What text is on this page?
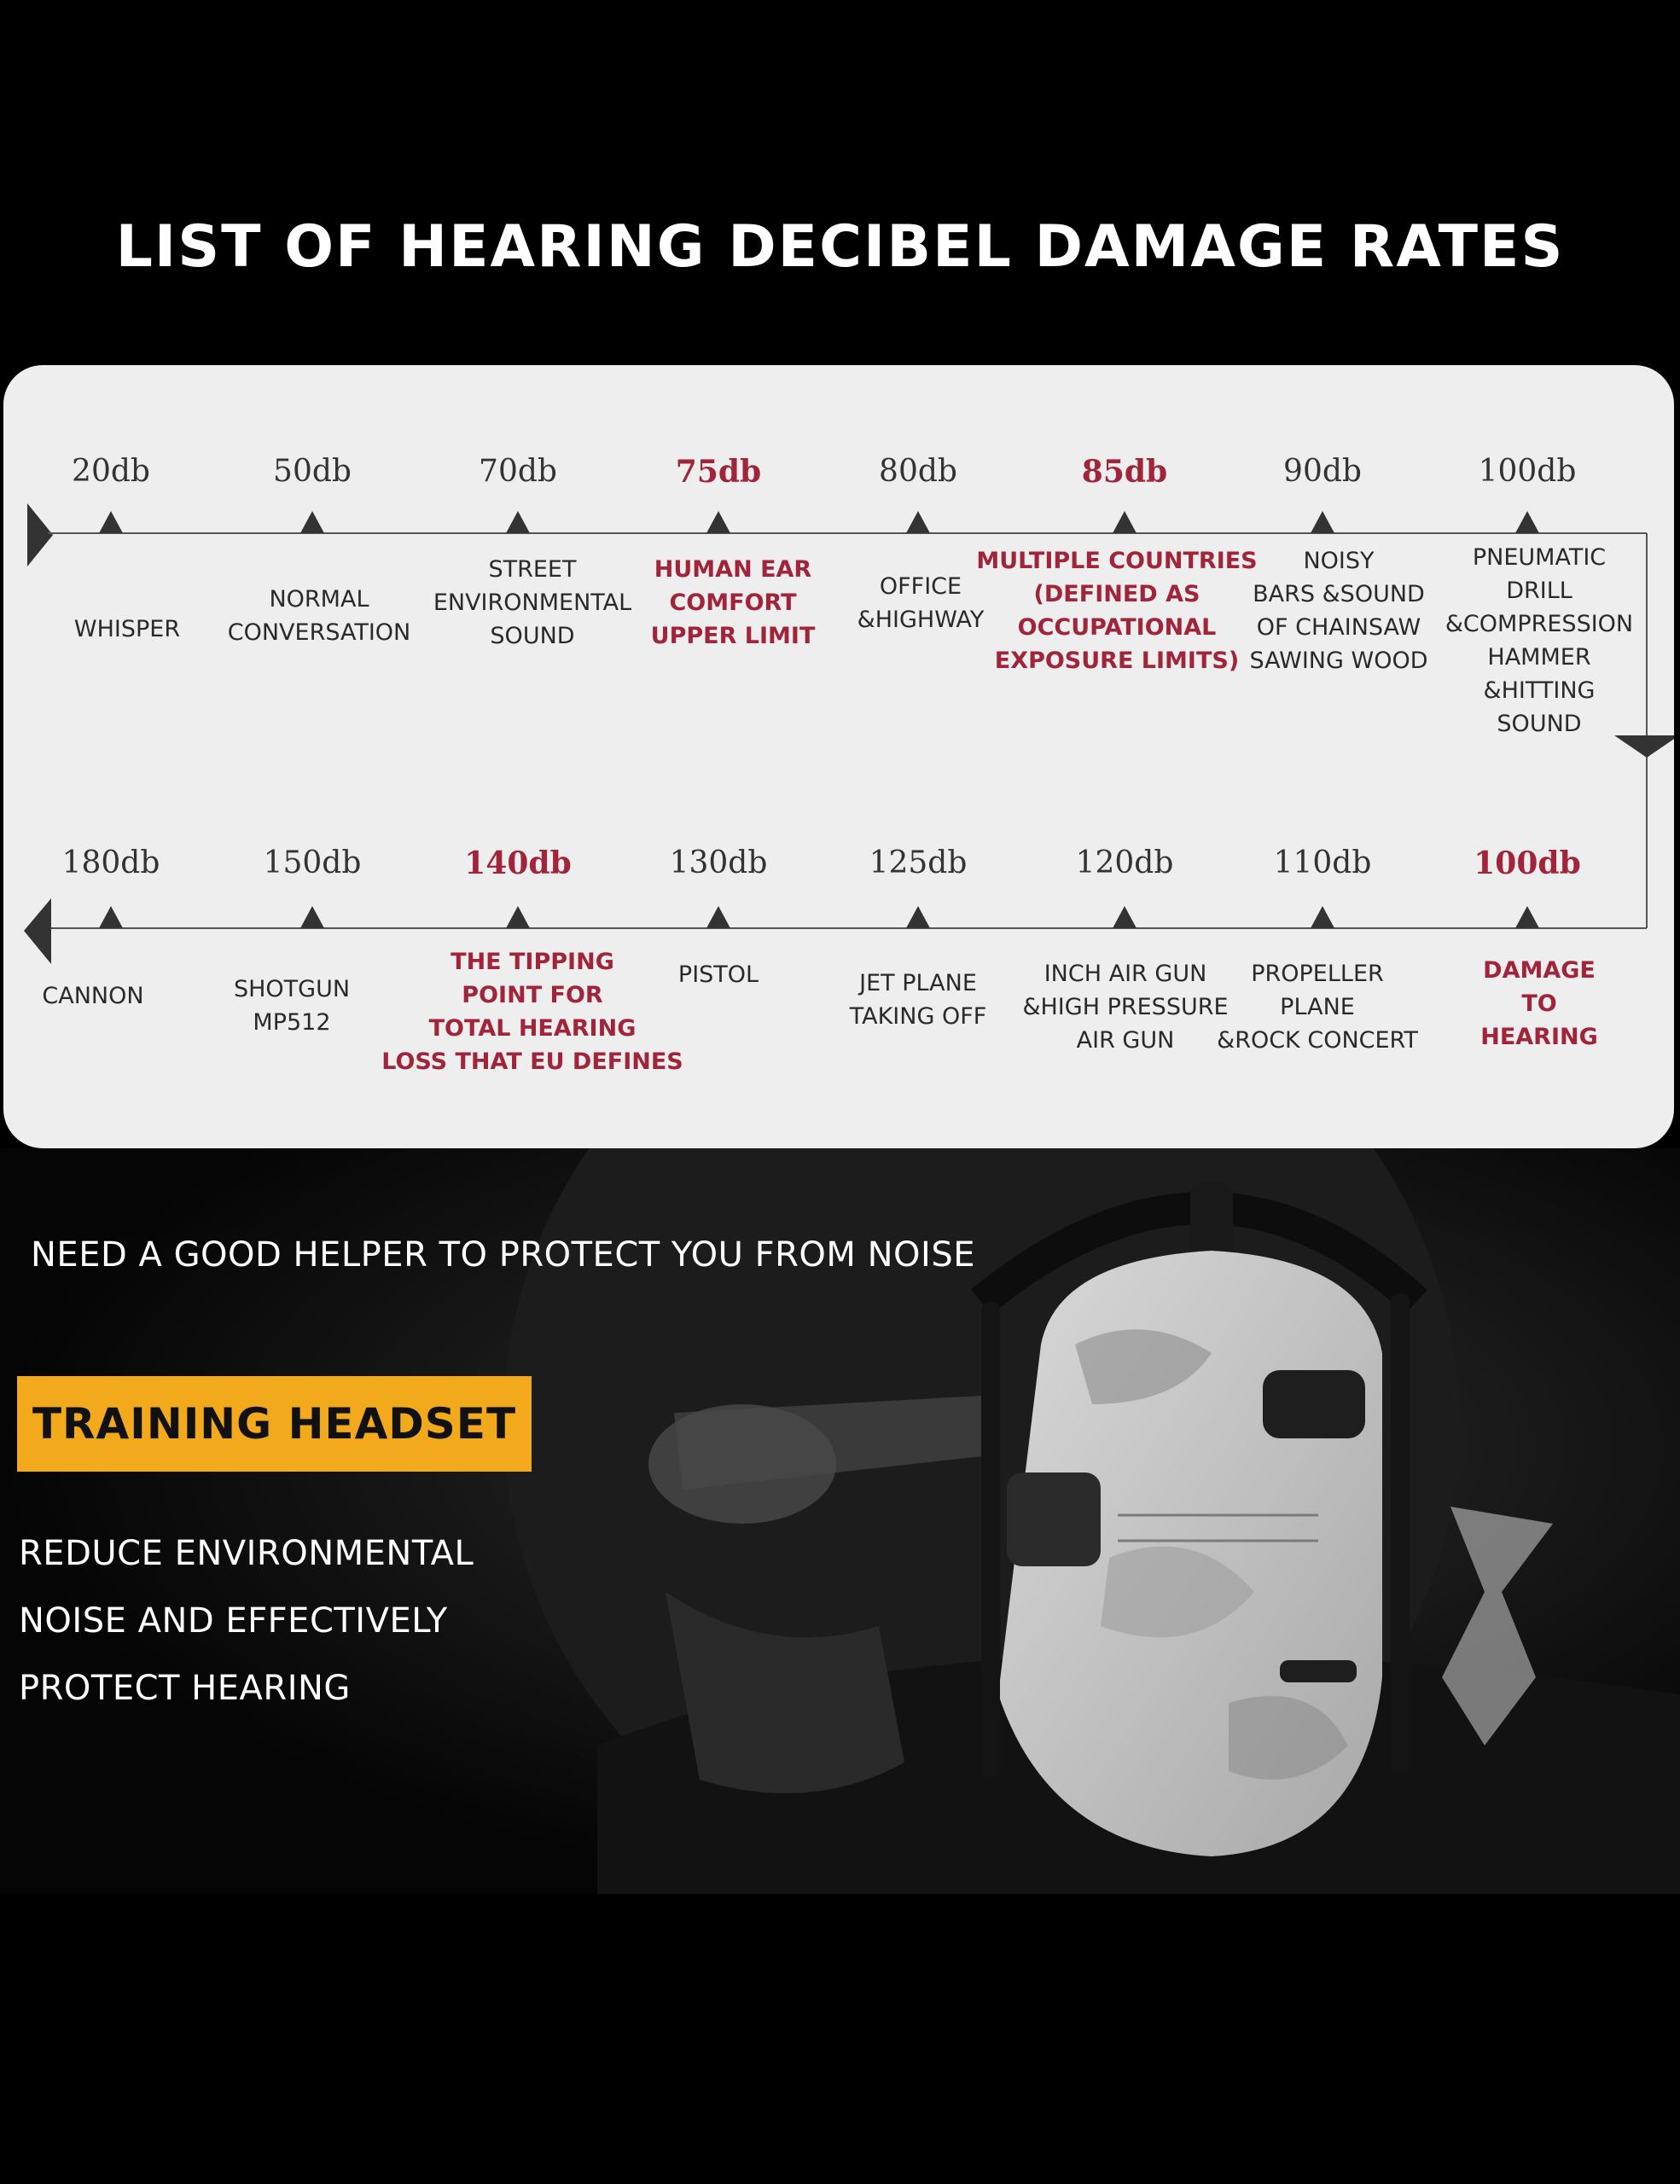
LIST OF HEARING DECIBEL DAMAGE RATES
20db
WHISPER
50db
NORMAL
CONVERSATION
70db
STREET
ENVIRONMENTAL
SOUND
75db
HUMAN EAR
COMFORT
UPPER LIMIT
80db
OFFICE
&HIGHWAY
85db
MULTIPLE COUNTRIES
(DEFINED AS
OCCUPATIONAL
EXPOSURE LIMITS)
90db
NOISY
BARS &SOUND
OF CHAINSAW
SAWING WOOD
100db
PNEUMATIC DRILL
&COMPRESSION
HAMMER
&HITTING SOUND
180db
CANNON
150db
SHOTGUN
MP512
140db
THE TIPPING
POINT FOR
TOTAL HEARING
LOSS THAT EU DEFINES
130db
PISTOL
125db
JET PLANE
TAKING OFF
120db
INCH AIR GUN
&HIGH PRESSURE
AIR GUN
110db
PROPELLER
PLANE
&ROCK CONCERT
100db
DAMAGE TO
HEARING
NEED A GOOD HELPER TO PROTECT YOU FROM NOISE
TRAINING HEADSET
REDUCE ENVIRONMENTAL
NOISE AND EFFECTIVELY
PROTECT HEARING
